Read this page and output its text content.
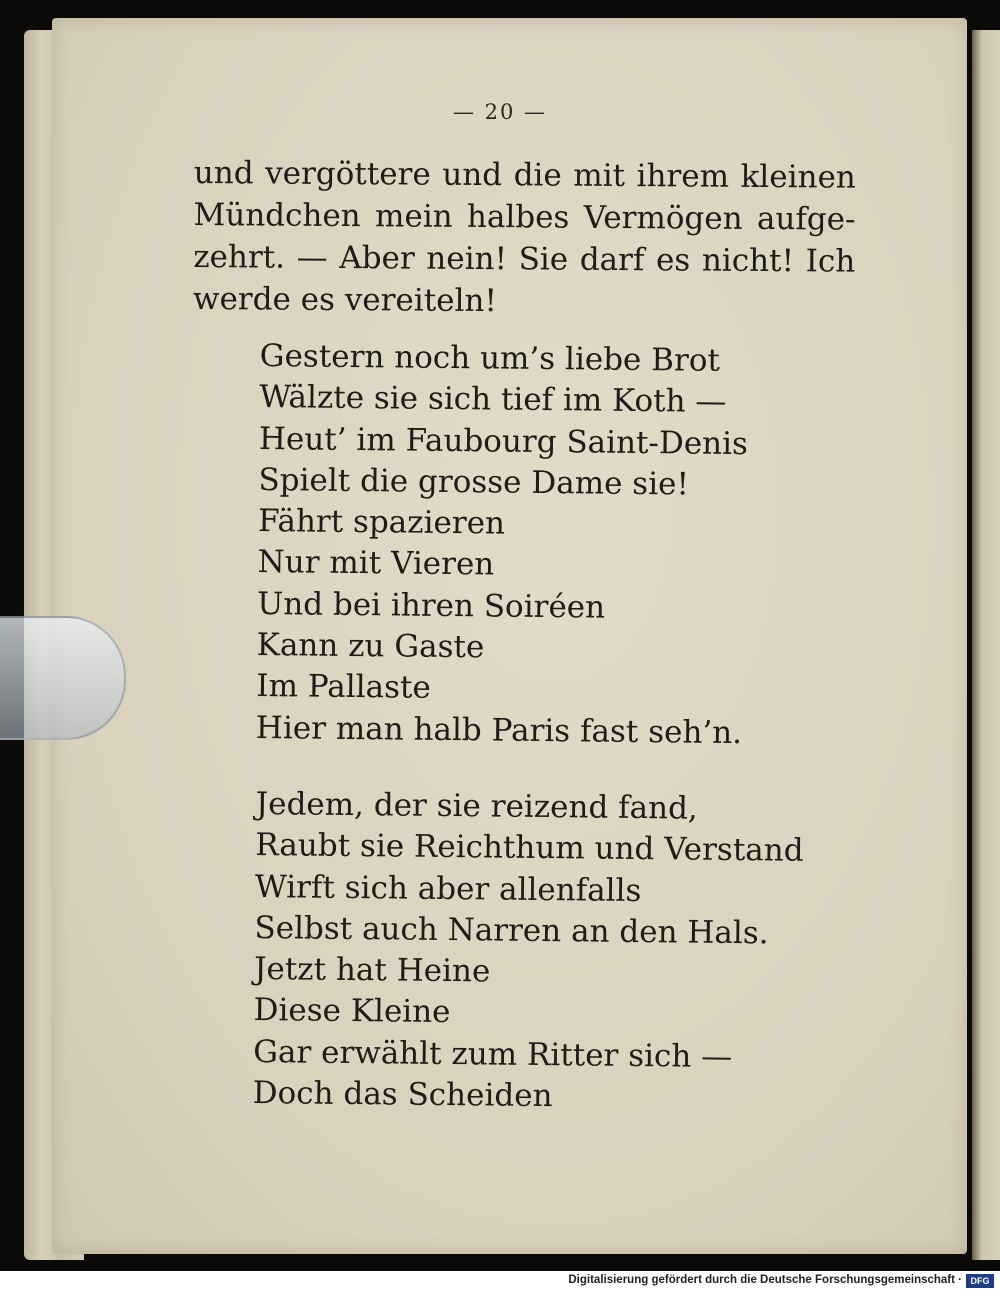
— 20 —
und vergöttere und die mit ihrem kleinen
Mündchen mein halbes Vermögen aufge-
zehrt. — Aber nein! Sie darf es nicht! Ich
werde es vereiteln!
Gestern noch um’s liebe Brot
Wälzte sie sich tief im Koth —
Heut’ im Faubourg Saint-Denis
Spielt die grosse Dame sie!
Fährt spazieren
Nur mit Vieren
Und bei ihren Soiréen
Kann zu Gaste
Im Pallaste
Hier man halb Paris fast seh’n.
Jedem, der sie reizend fand,
Raubt sie Reichthum und Verstand
Wirft sich aber allenfalls
Selbst auch Narren an den Hals.
Jetzt hat Heine
Diese Kleine
Gar erwählt zum Ritter sich —
Doch das Scheiden
Digitalisierung gefördert durch die Deutsche Forschungsgemeinschaft · DFG
